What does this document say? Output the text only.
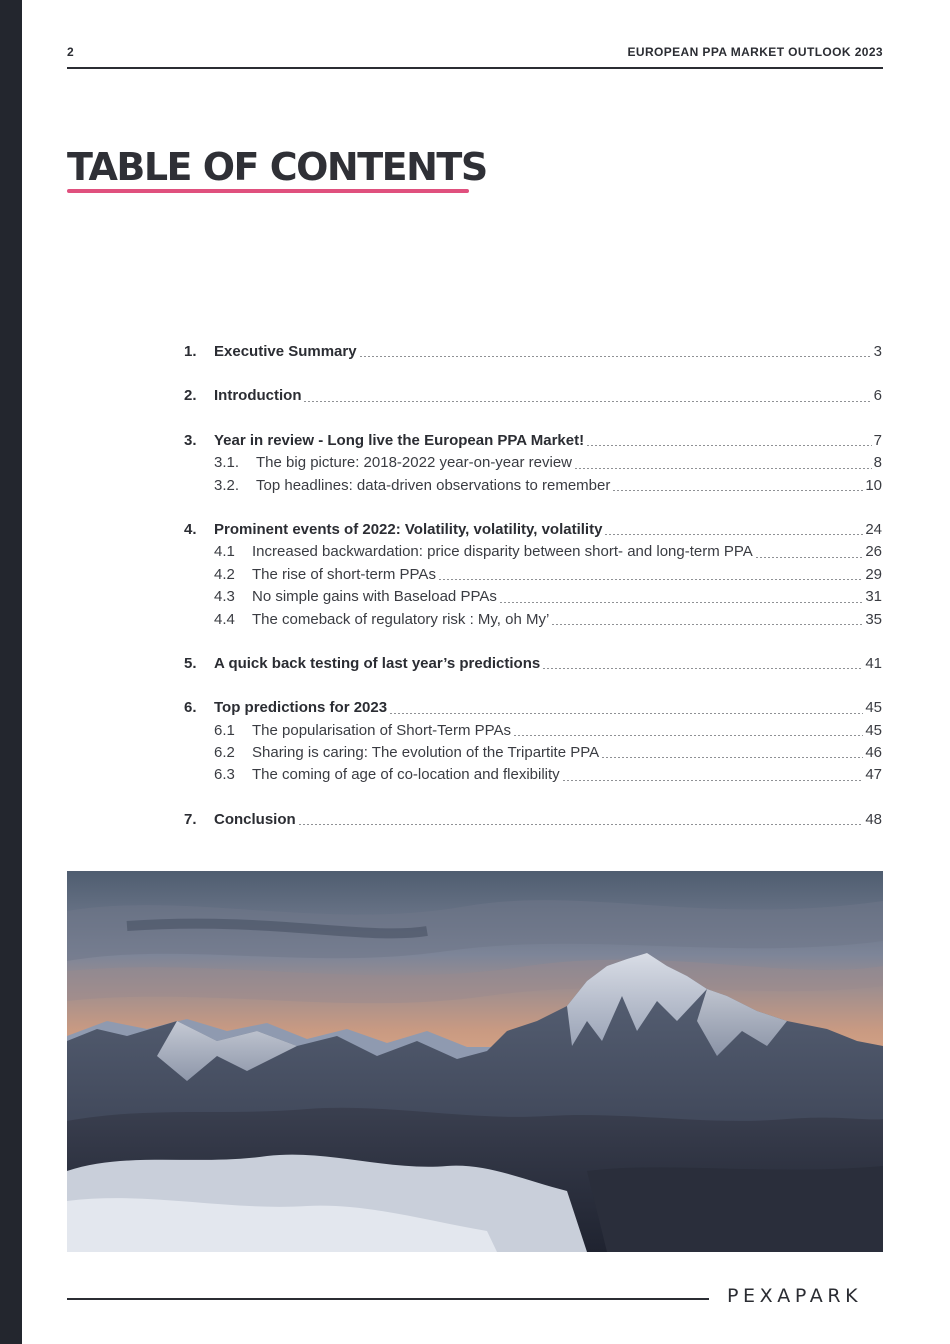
2	EUROPEAN PPA MARKET OUTLOOK 2023
TABLE OF CONTENTS
1.	Executive Summary	3
2.	Introduction	6
3.	Year in review - Long live the European PPA Market!	7
3.1.	The big picture: 2018-2022 year-on-year review	8
3.2.	Top headlines: data-driven observations to remember	10
4.	Prominent events of 2022: Volatility, volatility, volatility	24
4.1	Increased backwardation: price disparity between short- and long-term PPA	26
4.2	The rise of short-term PPAs	29
4.3	No simple gains with Baseload PPAs	31
4.4	The comeback of regulatory risk : My, oh My’	35
5.	A quick back testing of last year’s predictions	41
6.	Top predictions for 2023	45
6.1	The popularisation of Short-Term PPAs	45
6.2	Sharing is caring: The evolution of the Tripartite PPA	46
6.3	The coming of age of co-location and flexibility	47
7.	Conclusion	48
PEXAPARK
